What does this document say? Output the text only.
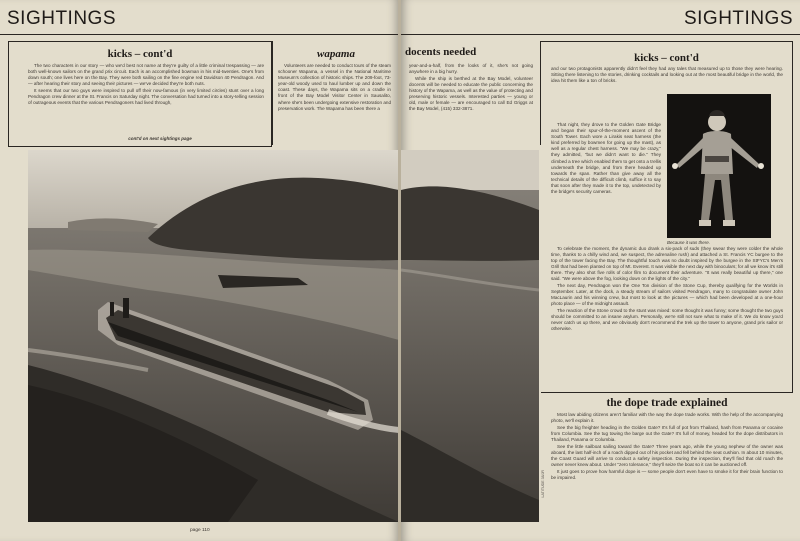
SIGHTINGS
kicks – cont'd

The two characters in our story — who we'd best not name at they're guilty of a little criminal trespassing — are both well-known sailors on the grand prix circuit. Each is an accomplished bowman in his mid-twenties. One's from down south; one lives here on the Bay. They were both sailing on the fine engine red Davidson 40 Pendragon. And — after hearing their story and seeing their pictures — we've decided they're both nuts.

It seems that our two guys were inspired to pull off their now-famous (in very limited circles) stunt over a long Pendragon crew dinner at the St. Francis on Saturday night. The conversation had turned into a story-telling session of outrageous events that the various Pendragoners had lived through,

cont'd on next sightings page
wapama

Volunteers are needed to conduct tours of the steam schooner Wapama, a vessel in the National Maritime Museum's collection of historic ships. The 209-foot, 73-year-old woody used to haul lumber up and down the coast. These days, the Wapama sits on a cradle in front of the Bay Model Visitor Center in Sausalito, where she's been undergoing extensive restoration and preservation work. The Wapama has been there a

page 110
SIGHTINGS
docents needed

year-and-a-half, from the looks of it, she's not going anywhere in a big hurry.

While the ship is berthed at the Bay Model, volunteer docents will be needed to educate the public concerning the history of the Wapama, as well as the value of protecting and preserving historic vessels. Interested parties — young or old, male or female — are encouraged to call Ed Griggs at the Bay Model, (415) 332-3871.

kicks – cont'd
and our two protagonists apparently didn't feel they had any tales that measured up to those they were hearing. Sitting there listening to the stories, drinking cocktails and looking out at the most beautiful bridge in the world, the idea hit them like a ton of bricks.

That night, they drove to the Golden Gate Bridge and began their spur-of-the-moment ascent of the South Tower. Each wore a Lirakis seat harness (the kind preferred by bowmen for going up the mast), as well as a regular chest harness. "We may be crazy," they admitted, "but we didn't want to die." They climbed a tree which enabled them to get onto a trellis underneath the bridge, and from there headed up towards the span. Rather than give away all the technical details of the difficult climb, suffice it to say that soon after they made it to the top, undetected by the bridge's security cameras.

Because it was there.

To celebrate the moment, the dynamic duo drank a six-pack of suds (they swear they were colder the whole time, thanks to a chilly wind and, we suspect, the adrenaline rush) and attached a St. Francis YC burgee to the top of the tower facing the Bay. The thoughtful touch was no doubt inspired by the burgee in the StFYC's Men's Grill that had been planted on top of Mt. Everest. It was visible the next day with binoculars; for all we know it's still there. They also shot five rolls of color film to document their adventure. "It was really beautiful up there," one said. "We were above the fog, looking down on the lights of the city."

The next day, Pendragon won the One Ton division of the Stone Cup, thereby qualifying for the Worlds in September. Later, at the dock, a steady stream of sailors visited Pendragon, many to congratulate owner John MacLaurin and his winning crew, but most to look at the pictures — which had been developed at a one-hour photo place — of the midnight assault.

The reaction of the Stone crowd to the stunt was mixed: some thought it was funny; some thought the two guys should be committed to an insane asylum. Personally, we're still not sure what to make of it. We do know you'd never catch us up there, and we obviously don't recommend the trek up the tower to anyone, grand prix sailor or otherwise.

LATITUDE 38/JR
the dope trade explained

Most law abiding citizens aren't familiar with the way the dope trade works. With the help of the accompanying photo, we'll explain it.

See the big freighter heading in the Golden Gate? It's full of pot from Thailand, hash from Panama or cocaine from Columbia. See the tug towing the barge out the Gate? It's full of money, headed for the dope distributors in Thailand, Panama or Columbia.

See the little sailboat sailing toward the Gate? Three years ago, while the young nephew of the owner was aboard, the last half-inch of a roach dipped out of his pocket and fell behind the seat cushion. In about 10 minutes, the Coast Guard will arrive to conduct a safety inspection. During the inspection, they'll find that old roach the owner never knew about. Under "zero tolerance," they'll seize the boat so it can be auctioned off.

It just goes to prove how harmful dope is — some people don't even have to smoke it for their brain function to be impaired.
